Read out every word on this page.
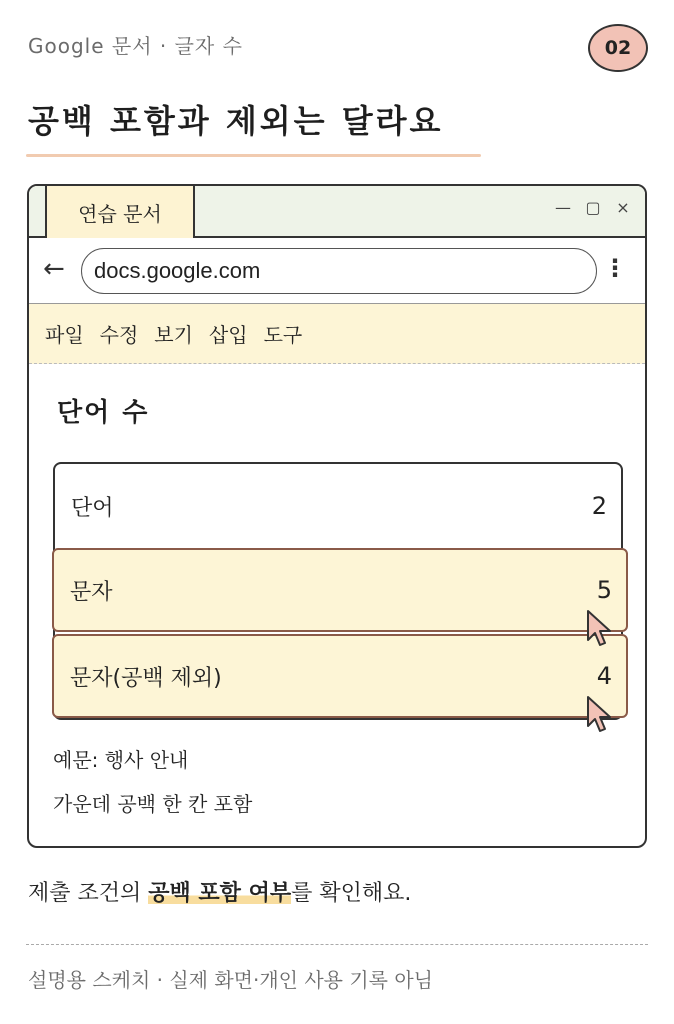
Google 문서 · 글자 수	02
공백 포함과 제외는 달라요
연습 문서	— ▢ ×
←	docs.google.com	⋮
파일 수정 보기 삽입 도구
단어 수
단어	2
문자	5
문자(공백 제외)	4
예문: 행사 안내
가운데 공백 한 칸 포함
제출 조건의 공백 포함 여부를 확인해요.
설명용 스케치 · 실제 화면·개인 사용 기록 아님
